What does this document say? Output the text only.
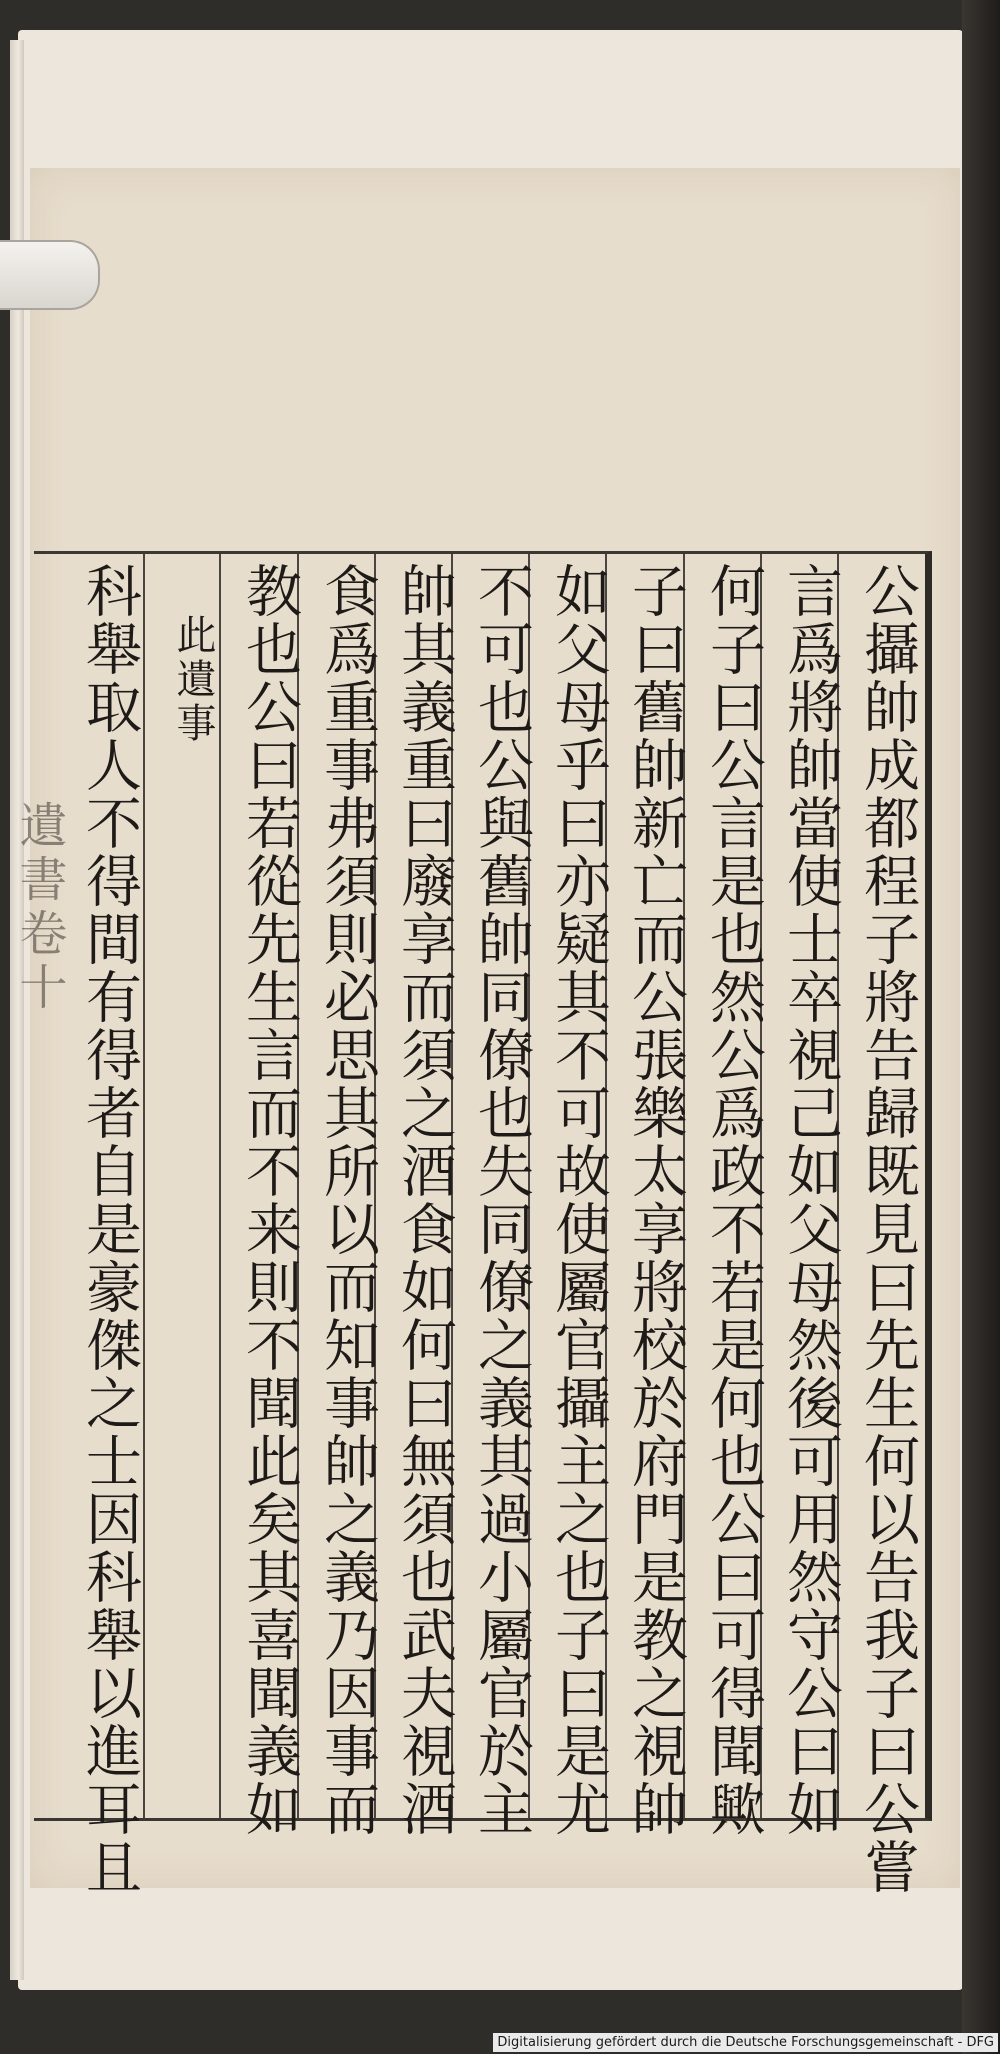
遺書卷十	公攝帥成都程子將告歸既見曰先生何以告我子曰公嘗
言爲將帥當使士卒視己如父母然後可用然守公曰如
何子曰公言是也然公爲政不若是何也公曰可得聞歟
子曰舊帥新亡而公張樂太享將校於府門是教之視帥
如父母乎曰亦疑其不可故使屬官攝主之也子曰是尤
不可也公與舊帥同僚也失同僚之義其過小屬官於主
帥其義重曰廢享而須之酒食如何曰無須也武夫視酒
食爲重事弗須則必思其所以而知事帥之義乃因事而
教也公曰若從先生言而不来則不聞此矣其喜聞義如
此遺事
科舉取人不得間有得者自是豪傑之士因科舉以進耳且
Digitalisierung gefördert durch die Deutsche Forschungsgemeinschaft - DFG
